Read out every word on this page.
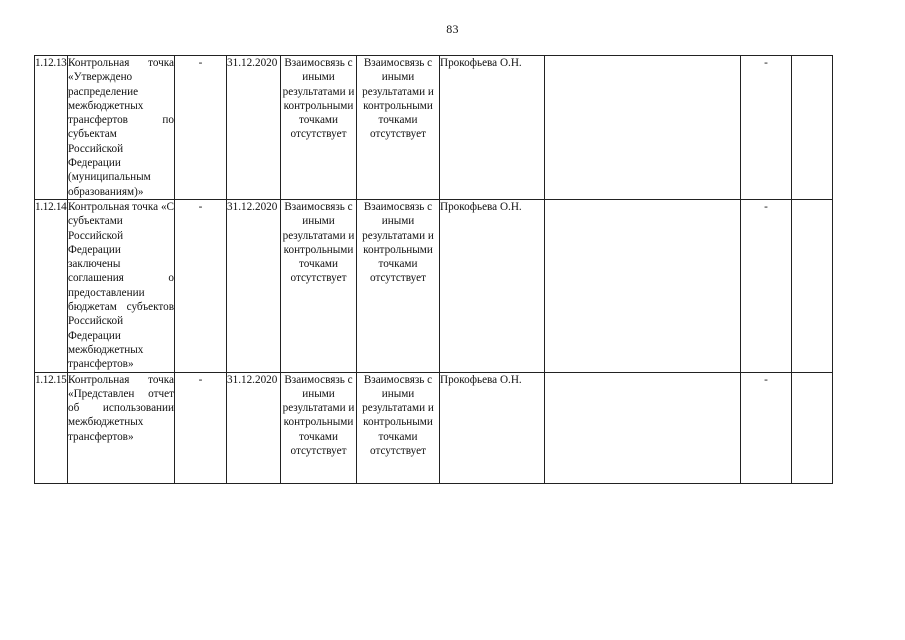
83
1.12.13	Контрольная точка «Утверждено распределение межбюджетных трансфертов по субъектам Российской Федерации (муниципальным образованиям)»	-	31.12.2020	Взаимосвязь с иными результатами и контрольными точками отсутствует	Взаимосвязь с иными результатами и контрольными точками отсутствует	Прокофьева О.Н.		-	
1.12.14	Контрольная точка «С субъектами Российской Федерации заключены соглашения о предоставлении бюджетам субъектов Российской Федерации межбюджетных трансфертов»	-	31.12.2020	Взаимосвязь с иными результатами и контрольными точками отсутствует	Взаимосвязь с иными результатами и контрольными точками отсутствует	Прокофьева О.Н.		-	
1.12.15	Контрольная точка «Представлен отчет об использовании межбюджетных трансфертов»	-	31.12.2020	Взаимосвязь с иными результатами и контрольными точками отсутствует	Взаимосвязь с иными результатами и контрольными точками отсутствует	Прокофьева О.Н.		-	
